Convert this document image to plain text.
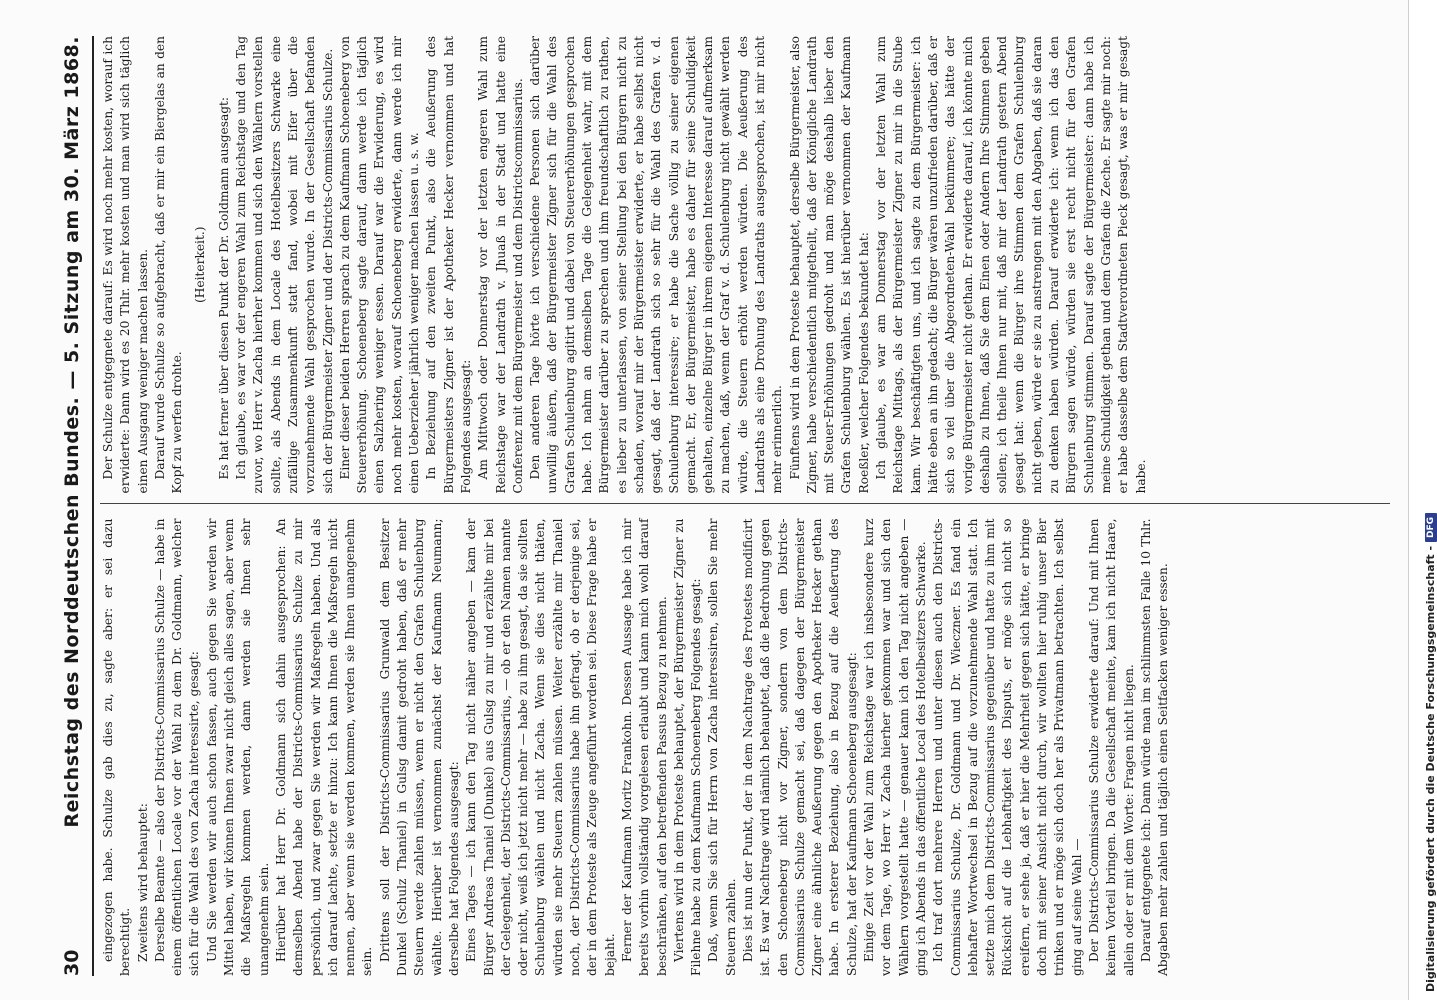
30
Reichstag des Norddeutschen Bundes. — 5. Sitzung am 30. März 1868. eingezogen habe. Schulze gab dies zu, sagte aber: er sei dazu berechtigt. Zweitens wird behauptet: Derselbe Beamte — also der Districts-Commissarius Schulze — habe in einem öffentlichen Locale vor der Wahl zu dem Dr. Goldmann, welcher sich für die Wahl des von Zacha interessirte, gesagt: Und Sie werden wir auch schon fassen, auch gegen Sie werden wir Mittel haben, wir können Ihnen zwar nicht gleich alles sagen, aber wenn die Maßregeln kommen werden, dann werden sie Ihnen sehr unangenehm sein. Hierüber hat Herr Dr. Goldmann sich dahin ausgesprochen: An demselben Abend habe der Districts-Commissarius Schulze zu mir persönlich, und zwar gegen Sie werden wir Maßregeln haben. Und als ich darauf lachte, setzte er hinzu: Ich kann Ihnen die Maßregeln nicht nennen, aber wenn sie werden kommen, werden sie Ihnen unangenehm sein. Drittens soll der Districts-Commissarius Grunwald dem Besitzer Dunkel (Schulz Thaniel) in Gulsg damit gedroht haben, daß er mehr Steuern werde zahlen müssen, wenn er nicht den Grafen Schulenburg wählte. Hierüber ist vernommen zunächst der Kaufmann Neumann; derselbe hat Folgendes ausgesagt: Eines Tages — ich kann den Tag nicht näher angeben — kam der Bürger Andreas Thaniel (Dunkel) aus Gulsg zu mir und erzählte mir bei der Gelegenheit, der Districts-Commissarius, — ob er den Namen nannte oder nicht, weiß ich jetzt nicht mehr — habe zu ihm gesagt, da sie sollten Schulenburg wählen und nicht Zacha. Wenn sie dies nicht thäten, würden sie mehr Steuern zahlen müssen. Weiter erzählte mir Thaniel noch, der Districts-Commissarius habe ihn gefragt, ob er derjenige sei, der in dem Proteste als Zeuge angeführt worden sei. Diese Frage habe er bejaht. Ferner der Kaufmann Moritz Frankohn. Dessen Aussage habe ich mir bereits vorhin vollständig vorgelesen erlaubt und kann mich wohl darauf beschränken, auf den betreffenden Passus Bezug zu nehmen. Viertens wird in dem Proteste behauptet, der Bürgermeister Zigner zu Filehne habe zu dem Kaufmann Schoeneberg Folgendes gesagt: Daß, wenn Sie sich für Herrn von Zacha interessiren, sollen Sie mehr Steuern zahlen. Dies ist nun der Punkt, der in dem Nachtrage des Protestes modificirt ist. Es war Nachtrage wird nämlich behauptet, daß die Bedrohung gegen den Schoeneberg nicht vor Zigner, sondern von dem Districts-Commissarius Schulze gemacht sei, daß dagegen der Bürgermeister Zigner eine ähnliche Aeußerung gegen den Apotheker Hecker gethan habe. In ersterer Beziehung, also in Bezug auf die Aeußerung des Schulze, hat der Kaufmann Schoeneberg ausgesagt: Einige Zeit vor der Wahl zum Reichstage war ich insbesondere kurz vor dem Tage, wo Herr v. Zacha hierher gekommen war und sich den Wählern vorgestellt hatte — genauer kann ich den Tag nicht angeben — ging ich Abends in das öffentliche Local des Hotelbesitzers Schwarke. Ich traf dort mehrere Herren und unter diesen auch den Districts-Commissarius Schulze, Dr. Goldmann und Dr. Wieczner. Es fand ein lebhafter Wortwechsel in Bezug auf die vorzunehmende Wahl statt. Ich setzte mich dem Districts-Commissarius gegenüber und hatte zu ihm mit Rücksicht auf die Lebhaftigkeit des Disputs, er möge sich nicht so ereifern, er sehe ja, daß er hier die Mehrheit gegen sich hätte, er bringe doch mit seiner Ansicht nicht durch, wir wollten hier ruhig unser Bier trinken und er möge sich doch her als Privatmann betrachten. Ich selbst ging auf seine Wahl — Der Districts-Commissarius Schulze erwiderte darauf: Und mit Ihnen keinen Vorteil bringen. Da die Gesellschaft meinte, kam ich nicht Haare, allein oder er mit dem Worte: Fragen nicht liegen. Darauf entgegnete ich: Dann würde man im schlimmsten Falle 10 Thlr. Abgaben mehr zahlen und täglich einen Seitfacken weniger essen.

Der Schulze entgegnete darauf: Es wird noch mehr kosten, worauf ich erwiderte: Dann wird es 20 Thlr. mehr kosten und man wird sich täglich einen Ausgang weniger machen lassen. Darauf wurde Schulze so aufgebracht, daß er mir ein Biergelas an den Kopf zu werfen drohte.

(Heiterkeit.) Es hat ferner über diesen Punkt der Dr. Goldmann ausgesagt: Ich glaube, es war vor der engeren Wahl zum Reichstage und den Tag zuvor, wo Herr v. Zacha hierher kommen und sich den Wählern vorstellen sollte, als Abends in dem Locale des Hotelbesitzers Schwarke eine zufällige Zusammenkunft statt fand, wobei mit Eifer über die vorzunehmende Wahl gesprochen wurde. In der Gesellschaft befanden sich der Bürgermeister Zigner und der Districts-Commissarius Schulze. Einer dieser beiden Herren sprach zu dem Kaufmann Schoeneberg von Steuererhöhung. Schoeneberg sagte darauf, dann werde ich täglich einen Salzhering weniger essen. Darauf war die Erwiderung, es wird noch mehr kosten, worauf Schoeneberg erwiderte, dann werde ich mir einen Ueberzieher jährlich weniger machen lassen u. s. w. In Beziehung auf den zweiten Punkt, also die Aeußerung des Bürgermeisters Zigner ist der Apotheker Hecker vernommen und hat Folgendes ausgesagt: Am Mittwoch oder Donnerstag vor der letzten engeren Wahl zum Reichstage war der Landrath v. Jhuaß in der Stadt und hatte eine Conferenz mit dem Bürgermeister und dem Districtscommissarius. Den anderen Tage hörte ich verschiedene Personen sich darüber unwillig äußern, daß der Bürgermeister Zigner sich für die Wahl des Grafen Schulenburg agitirt und dabei von Steuererhöhungen gesprochen habe. Ich nahm an demselben Tage die Gelegenheit wahr, mit dem Bürgermeister darüber zu sprechen und ihm freundschaftlich zu rathen, es lieber zu unterlassen, von seiner Stellung bei den Bürgern nicht zu schaden, worauf mir der Bürgermeister erwiderte, er habe selbst nicht gesagt, daß der Landrath sich so sehr für die Wahl des Grafen v. d. Schulenburg interessire; er habe die Sache völlig zu seiner eigenen gemacht. Er, der Bürgermeister, habe es daher für seine Schuldigkeit gehalten, einzelne Bürger in ihrem eigenen Interesse darauf aufmerksam zu machen, daß, wenn der Graf v. d. Schulenburg nicht gewählt werden würde, die Steuern erhöht werden würden. Die Aeußerung des Landraths als eine Drohung des Landraths ausgesprochen, ist mir nicht mehr erinnerlich. Fünftens wird in dem Proteste behauptet, derselbe Bürgermeister, also Zigner, habe verschiedentlich mitgetheilt, daß der Königliche Landrath mit Steuer-Erhöhungen gedroht und man möge deshalb lieber den Grafen Schulenburg wählen. Es ist hierüber vernommen der Kaufmann Roeßler, welcher Folgendes bekundet hat: Ich glaube, es war am Donnerstag vor der letzten Wahl zum Reichstage Mittags, als der Bürgermeister Zigner zu mir in die Stube kam. Wir beschäftigten uns, und ich sagte zu dem Bürgermeister: ich hätte eben an ihn gedacht; die Bürger wären unzufrieden darüber, daß er sich so viel über die Abgeordneten-Wahl bekümmere; das hätte der vorige Bürgermeister nicht gethan. Er erwiderte darauf, ich könnte mich deshalb zu Ihnen, daß Sie dem Einen oder Andern Ihre Stimmen geben sollen; ich theile Ihnen nur mit, daß mir der Landrath gestern Abend gesagt hat: wenn die Bürger ihre Stimmen dem Grafen Schulenburg nicht geben, würde er sie zu anstrengen mit den Abgaben, daß sie daran zu denken haben würden. Darauf erwiderte ich: wenn ich das den Bürgern sagen würde, würden sie erst recht nicht für den Grafen Schulenburg stimmen. Darauf sagte der Bürgermeister: dann habe ich meine Schuldigkeit gethan und dem Grafen die Zeche. Er sagte mir noch: er habe dasselbe dem Stadtverordneten Pieck gesagt, was er mir gesagt habe.

Digitalisierung gefördert durch die Deutsche Forschungsgemeinschaft -
DFG
